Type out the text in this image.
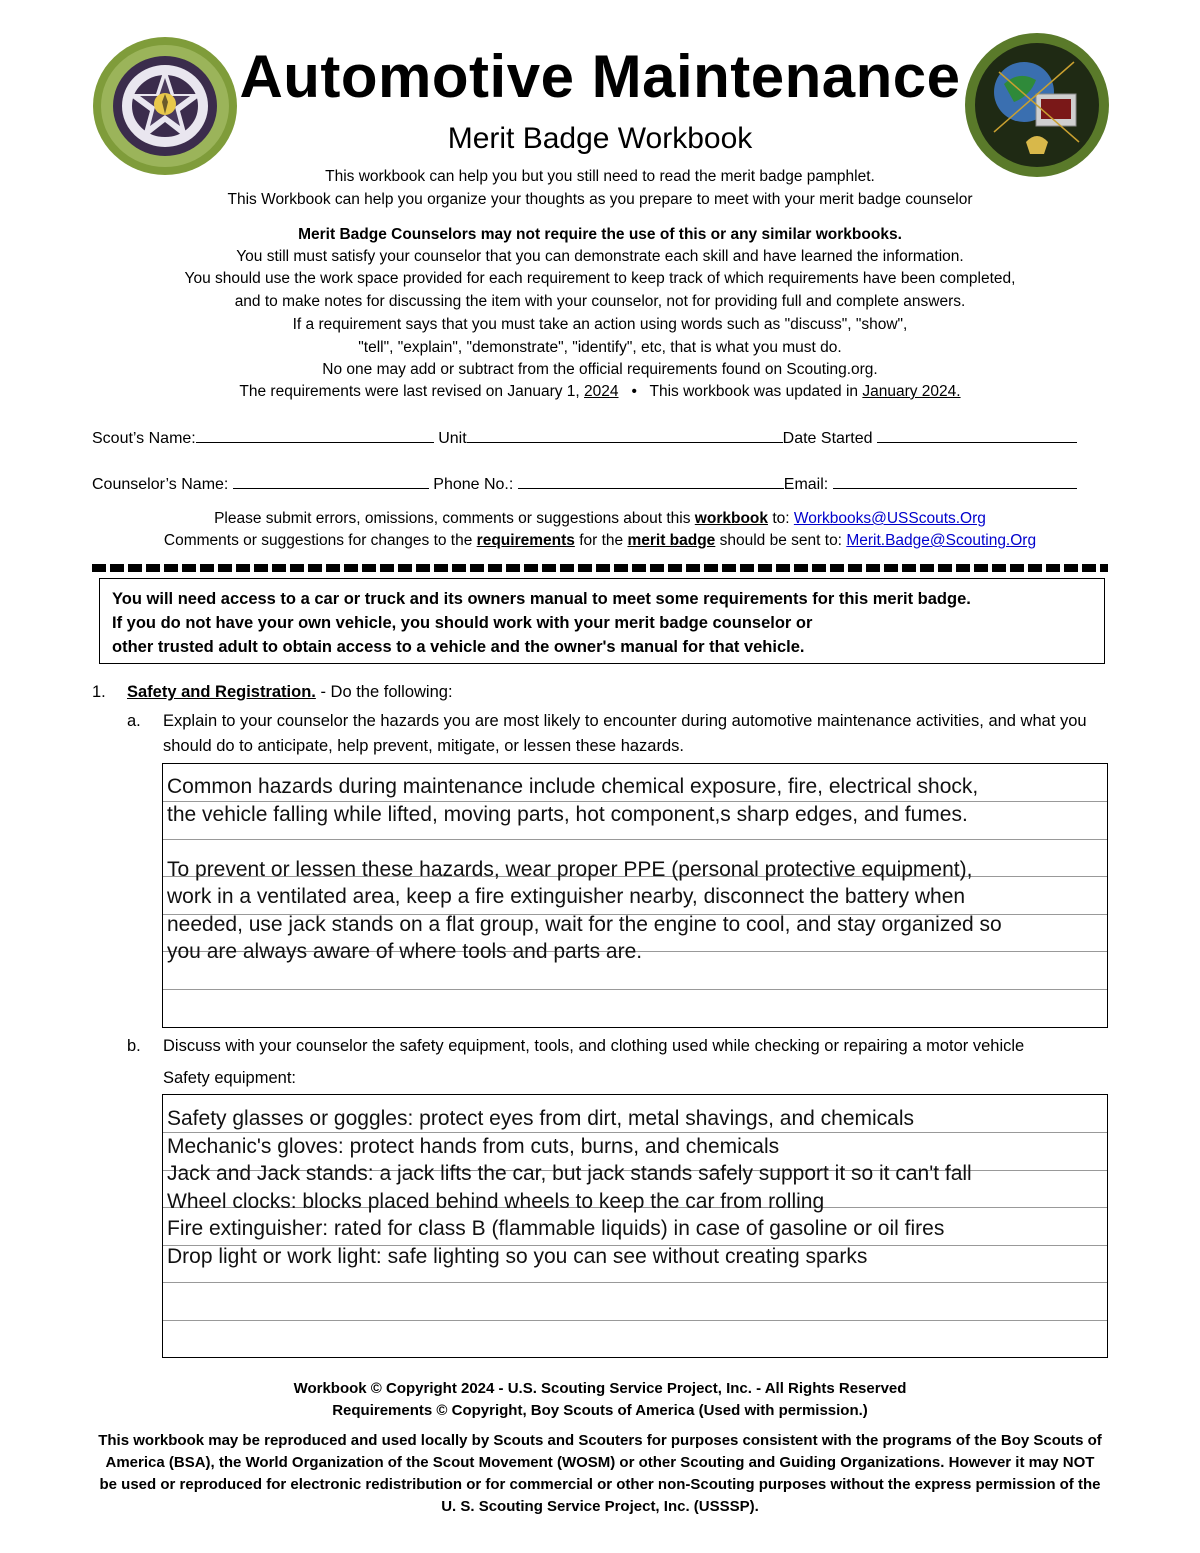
Automotive Maintenance
Merit Badge Workbook
This workbook can help you but you still need to read the merit badge pamphlet.
This Workbook can help you organize your thoughts as you prepare to meet with your merit badge counselor
Merit Badge Counselors may not require the use of this or any similar workbooks.
You still must satisfy your counselor that you can demonstrate each skill and have learned the information.
You should use the work space provided for each requirement to keep track of which requirements have been completed,
and to make notes for discussing the item with your counselor, not for providing full and complete answers.
If a requirement says that you must take an action using words such as "discuss", "show",
"tell", "explain", "demonstrate", "identify", etc, that is what you must do.
No one may add or subtract from the official requirements found on Scouting.org.
The requirements were last revised on January 1, 2024 • This workbook was updated in January 2024.
Scout’s Name:	Unit	Date Started
Counselor’s Name:	Phone No.:	Email:
Please submit errors, omissions, comments or suggestions about this workbook to: Workbooks@USScouts.Org
Comments or suggestions for changes to the requirements for the merit badge should be sent to: Merit.Badge@Scouting.Org
You will need access to a car or truck and its owners manual to meet some requirements for this merit badge.
If you do not have your own vehicle, you should work with your merit badge counselor or
other trusted adult to obtain access to a vehicle and the owner's manual for that vehicle.
1. Safety and Registration. - Do the following:
a. Explain to your counselor the hazards you are most likely to encounter during automotive maintenance activities, and what you should do to anticipate, help prevent, mitigate, or lessen these hazards.
Common hazards during maintenance include chemical exposure, fire, electrical shock,
the vehicle falling while lifted, moving parts, hot component,s sharp edges, and fumes.

To prevent or lessen these hazards, wear proper PPE (personal protective equipment),
work in a ventilated area, keep a fire extinguisher nearby, disconnect the battery when
needed, use jack stands on a flat group, wait for the engine to cool, and stay organized so
you are always aware of where tools and parts are.
b. Discuss with your counselor the safety equipment, tools, and clothing used while checking or repairing a motor vehicle
Safety equipment:
Safety glasses or goggles: protect eyes from dirt, metal shavings, and chemicals
Mechanic's gloves: protect hands from cuts, burns, and chemicals
Jack and Jack stands: a jack lifts the car, but jack stands safely support it so it can't fall
Wheel clocks: blocks placed behind wheels to keep the car from rolling
Fire extinguisher: rated for class B (flammable liquids) in case of gasoline or oil fires
Drop light or work light: safe lighting so you can see without creating sparks
Workbook © Copyright 2024 - U.S. Scouting Service Project, Inc. - All Rights Reserved
Requirements © Copyright, Boy Scouts of America (Used with permission.)
This workbook may be reproduced and used locally by Scouts and Scouters for purposes consistent with the programs of the Boy Scouts of America (BSA), the World Organization of the Scout Movement (WOSM) or other Scouting and Guiding Organizations. However it may NOT be used or reproduced for electronic redistribution or for commercial or other non-Scouting purposes without the express permission of the U. S. Scouting Service Project, Inc. (USSSP).
